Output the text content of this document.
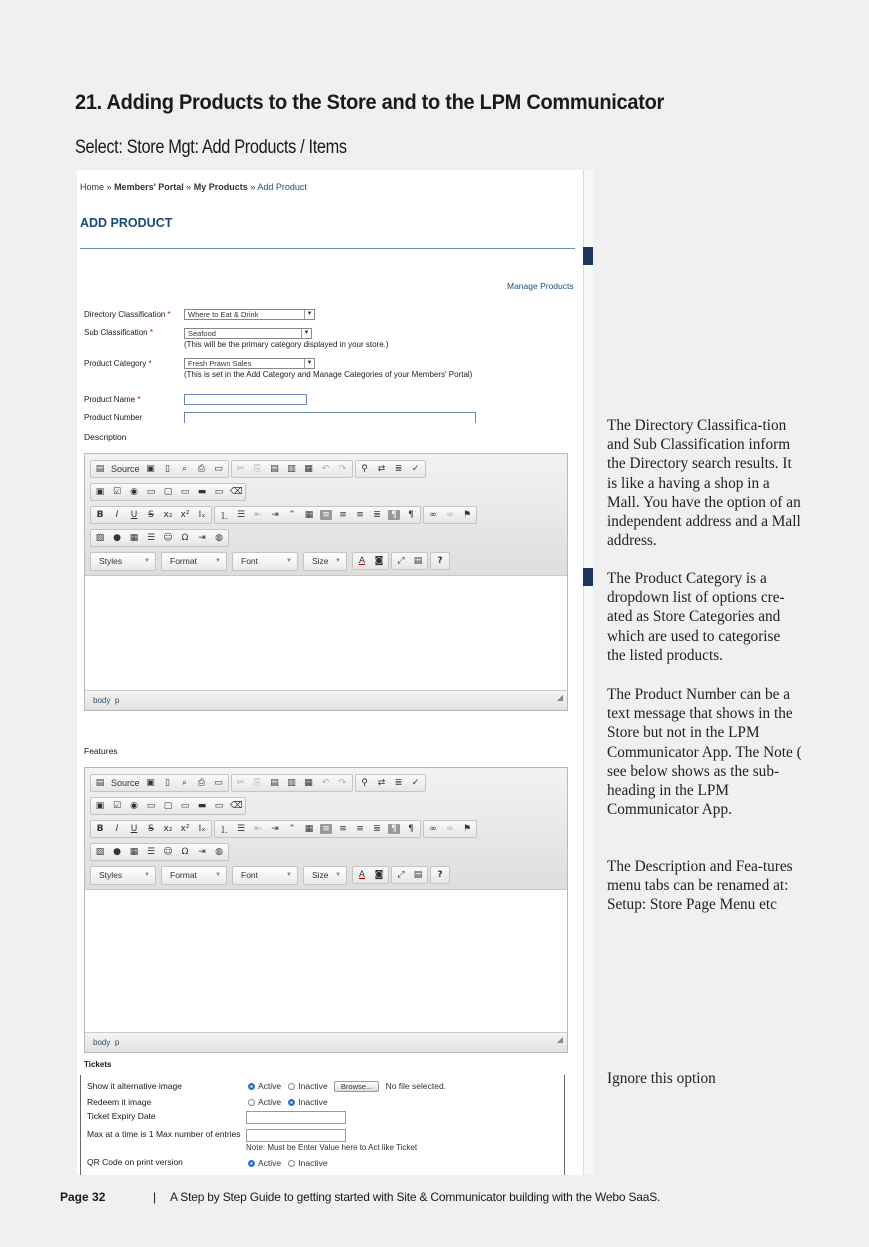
21. Adding Products to the Store and to the LPM Communicator
Select: Store Mgt: Add Products / Items
Home » Members' Portal » My Products » Add Product
ADD PRODUCT
Manage Products
Directory Classification *	Where to Eat & Drink	▼
Sub Classification *	Seafood	▼
(This will be the primary category displayed in your store.)
Product Category *	Fresh Prawn Sales	▼
(This is set in the Add Category and Manage Categories of your Members' Portal)
Product Name *
Product Number
Description
▤ Source ▣	▯	⌕	⎙ ▭ ✂ ⎘ ▤ ▥ ▦ ↶ ↷	⚲	⇄ ≣ ✓
▣ ☑ ◉ ▭ ▢ ▭ ▬ ▭ ⌫
B	I	U	S	x₂ x² Iₓ ⒈ ☰ ⇤ ⇥	”	▦ ≡ ≡ ≡ ≣	¶	¶	∞ ∞ ⚑
▨ ● ▦ ☰ ☺ Ω ⇥ ◍
Styles	▼	Format	▼	Font	▼	Size ▼	A	◙ ⤢ ▤	?
body p	◢
Features
▤ Source ▣	▯	⌕	⎙ ▭ ✂ ⎘ ▤ ▥ ▦ ↶ ↷	⚲	⇄ ≣ ✓
▣ ☑ ◉ ▭ ▢ ▭ ▬ ▭ ⌫
B	I	U	S	x₂ x² Iₓ ⒈ ☰ ⇤ ⇥	”	▦ ≡ ≡ ≡ ≣	¶	¶	∞ ∞ ⚑
▨ ● ▦ ☰ ☺ Ω ⇥ ◍
Styles	▼	Format	▼	Font	▼	Size ▼	A	◙ ⤢ ▤	?
body p	◢
Tickets
Show it alternative image	Active Inactive Browse... No file selected.
Redeem it image	Active Inactive
Ticket Expiry Date
Max at a time is 1 Max number of entries
Note: Must be Enter Value here to Act like Ticket
QR Code on print version	Active Inactive
The Directory Classifica-tion and Sub Classification inform the Directory search results. It is like a having a shop in a Mall. You have the option of an independent address and a Mall address.
The Product Category is a dropdown list of options cre-ated as Store Categories and which are used to categorise the listed products.
The Product Number can be a text message that shows in the Store but not in the LPM Communicator App. The Note ( see below shows as the sub-heading in the LPM Communicator App.
The Description and Fea-tures menu tabs can be renamed at: Setup: Store Page Menu etc
Ignore this option
Page 32	| A Step by Step Guide to getting started with Site & Communicator building with the Webo SaaS.
